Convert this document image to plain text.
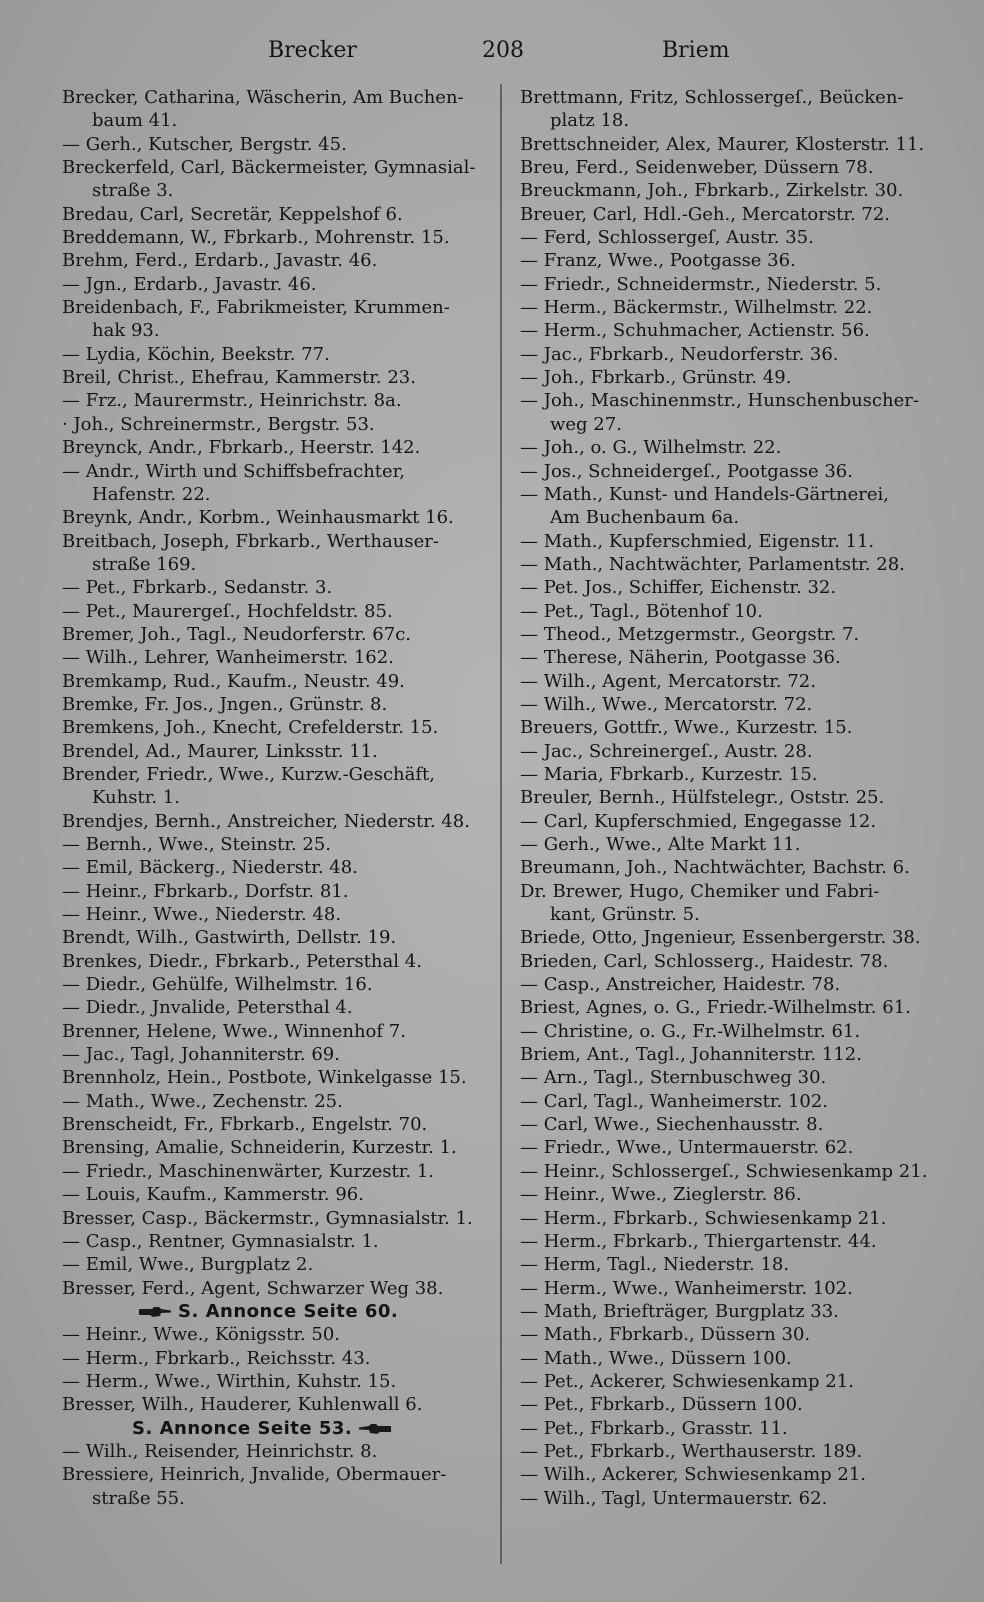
Brecker	208	Briem
Brecker, Catharina, Wäscherin, Am Buchen-
baum 41.
— Gerh., Kutscher, Bergstr. 45.
Breckerfeld, Carl, Bäckermeister, Gymnasial-
straße 3.
Bredau, Carl, Secretär, Keppelshof 6.
Breddemann, W., Fbrkarb., Mohrenstr. 15.
Brehm, Ferd., Erdarb., Javastr. 46.
— Jgn., Erdarb., Javastr. 46.
Breidenbach, F., Fabrikmeister, Krummen-
hak 93.
— Lydia, Köchin, Beekstr. 77.
Breil, Christ., Ehefrau, Kammerstr. 23.
— Frz., Maurermstr., Heinrichstr. 8a.
· Joh., Schreinermstr., Bergstr. 53.
Breynck, Andr., Fbrkarb., Heerstr. 142.
— Andr., Wirth und Schiffsbefrachter,
Hafenstr. 22.
Breynk, Andr., Korbm., Weinhausmarkt 16.
Breitbach, Joseph, Fbrkarb., Werthauser-
straße 169.
— Pet., Fbrkarb., Sedanstr. 3.
— Pet., Maurergeſ., Hochfeldstr. 85.
Bremer, Joh., Tagl., Neudorferstr. 67c.
— Wilh., Lehrer, Wanheimerstr. 162.
Bremkamp, Rud., Kaufm., Neustr. 49.
Bremke, Fr. Jos., Jngen., Grünstr. 8.
Bremkens, Joh., Knecht, Crefelderstr. 15.
Brendel, Ad., Maurer, Linksstr. 11.
Brender, Friedr., Wwe., Kurzw.-Geschäft,
Kuhstr. 1.
Brendjes, Bernh., Anstreicher, Niederstr. 48.
— Bernh., Wwe., Steinstr. 25.
— Emil, Bäckerg., Niederstr. 48.
— Heinr., Fbrkarb., Dorfstr. 81.
— Heinr., Wwe., Niederstr. 48.
Brendt, Wilh., Gastwirth, Dellstr. 19.
Brenkes, Diedr., Fbrkarb., Petersthal 4.
— Diedr., Gehülfe, Wilhelmstr. 16.
— Diedr., Jnvalide, Petersthal 4.
Brenner, Helene, Wwe., Winnenhof 7.
— Jac., Tagl, Johanniterstr. 69.
Brennholz, Hein., Postbote, Winkelgasse 15.
— Math., Wwe., Zechenstr. 25.
Brenscheidt, Fr., Fbrkarb., Engelstr. 70.
Brensing, Amalie, Schneiderin, Kurzestr. 1.
— Friedr., Maschinenwärter, Kurzestr. 1.
— Louis, Kaufm., Kammerstr. 96.
Bresser, Casp., Bäckermstr., Gymnasialstr. 1.
— Casp., Rentner, Gymnasialstr. 1.
— Emil, Wwe., Burgplatz 2.
Bresser, Ferd., Agent, Schwarzer Weg 38.
S. Annonce Seite 60.
— Heinr., Wwe., Königsstr. 50.
— Herm., Fbrkarb., Reichsstr. 43.
— Herm., Wwe., Wirthin, Kuhstr. 15.
Bresser, Wilh., Hauderer, Kuhlenwall 6.
S. Annonce Seite 53.
— Wilh., Reisender, Heinrichstr. 8.
Bressiere, Heinrich, Jnvalide, Obermauer-
straße 55.
Brettmann, Fritz, Schlossergeſ., Beücken-
platz 18.
Brettschneider, Alex, Maurer, Klosterstr. 11.
Breu, Ferd., Seidenweber, Düssern 78.
Breuckmann, Joh., Fbrkarb., Zirkelstr. 30.
Breuer, Carl, Hdl.-Geh., Mercatorstr. 72.
— Ferd, Schlossergeſ, Austr. 35.
— Franz, Wwe., Pootgasse 36.
— Friedr., Schneidermstr., Niederstr. 5.
— Herm., Bäckermstr., Wilhelmstr. 22.
— Herm., Schuhmacher, Actienstr. 56.
— Jac., Fbrkarb., Neudorferstr. 36.
— Joh., Fbrkarb., Grünstr. 49.
— Joh., Maschinenmstr., Hunschenbuscher-
weg 27.
— Joh., o. G., Wilhelmstr. 22.
— Jos., Schneidergeſ., Pootgasse 36.
— Math., Kunst- und Handels-Gärtnerei,
Am Buchenbaum 6a.
— Math., Kupferschmied, Eigenstr. 11.
— Math., Nachtwächter, Parlamentstr. 28.
— Pet. Jos., Schiffer, Eichenstr. 32.
— Pet., Tagl., Bötenhof 10.
— Theod., Metzgermstr., Georgstr. 7.
— Therese, Näherin, Pootgasse 36.
— Wilh., Agent, Mercatorstr. 72.
— Wilh., Wwe., Mercatorstr. 72.
Breuers, Gottfr., Wwe., Kurzestr. 15.
— Jac., Schreinergeſ., Austr. 28.
— Maria, Fbrkarb., Kurzestr. 15.
Breuler, Bernh., Hülfstelegr., Oststr. 25.
— Carl, Kupferschmied, Engegasse 12.
— Gerh., Wwe., Alte Markt 11.
Breumann, Joh., Nachtwächter, Bachstr. 6.
Dr. Brewer, Hugo, Chemiker und Fabri-
kant, Grünstr. 5.
Briede, Otto, Jngenieur, Essenbergerstr. 38.
Brieden, Carl, Schlosserg., Haidestr. 78.
— Casp., Anstreicher, Haidestr. 78.
Briest, Agnes, o. G., Friedr.-Wilhelmstr. 61.
— Christine, o. G., Fr.-Wilhelmstr. 61.
Briem, Ant., Tagl., Johanniterstr. 112.
— Arn., Tagl., Sternbuschweg 30.
— Carl, Tagl., Wanheimerstr. 102.
— Carl, Wwe., Siechenhausstr. 8.
— Friedr., Wwe., Untermauerstr. 62.
— Heinr., Schlossergeſ., Schwiesenkamp 21.
— Heinr., Wwe., Zieglerstr. 86.
— Herm., Fbrkarb., Schwiesenkamp 21.
— Herm., Fbrkarb., Thiergartenstr. 44.
— Herm, Tagl., Niederstr. 18.
— Herm., Wwe., Wanheimerstr. 102.
— Math, Briefträger, Burgplatz 33.
— Math., Fbrkarb., Düssern 30.
— Math., Wwe., Düssern 100.
— Pet., Ackerer, Schwiesenkamp 21.
— Pet., Fbrkarb., Düssern 100.
— Pet., Fbrkarb., Grasstr. 11.
— Pet., Fbrkarb., Werthauserstr. 189.
— Wilh., Ackerer, Schwiesenkamp 21.
— Wilh., Tagl, Untermauerstr. 62.
